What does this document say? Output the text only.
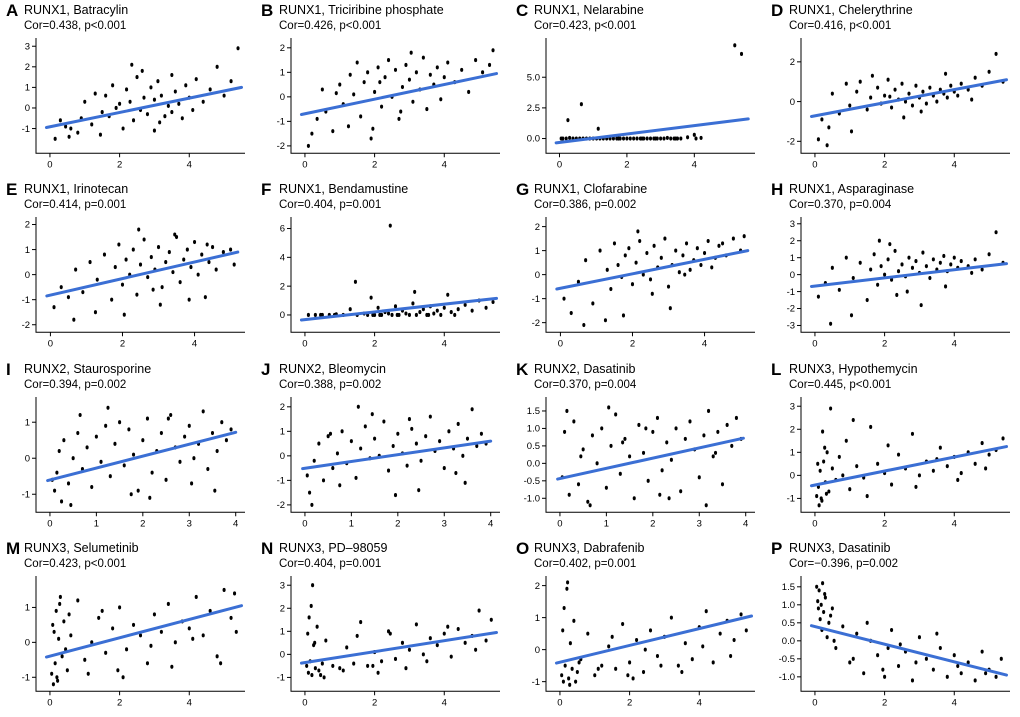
A RUNX1, Batracylin
Cor=0.438, p<0.001
0	2	4
-1
0
1
2
3
B RUNX1, Triciribine phosphate
Cor=0.426, p<0.001
0	2	4
-2
-1
0
1
2
C RUNX1, Nelarabine
Cor=0.423, p<0.001
0	2	4
0.0
2.5
5.0
D RUNX1, Chelerythrine
Cor=0.416, p<0.001
0	2	4
-2
0
2
E RUNX1, Irinotecan
Cor=0.414, p=0.001
0	2	4
-2
-1
0
1
2
F RUNX1, Bendamustine
Cor=0.404, p=0.001
0	2	4
0
2
4
6
G RUNX1, Clofarabine
Cor=0.386, p=0.002
0	2	4
-2
-1
0
1
2
H RUNX1, Asparaginase
Cor=0.370, p=0.004
0	2	4
-3
-2
-1
0
1
2
3
I RUNX2, Staurosporine
Cor=0.394, p=0.002
0	1	2	3	4
-1
0
1
J RUNX2, Bleomycin
Cor=0.388, p=0.002
0	1	2	3	4
-2
-1
0
1
2
K RUNX2, Dasatinib
Cor=0.370, p=0.004
0	1	2	3	4
-1.0
-0.5
0.0
0.5
1.0
1.5
L RUNX3, Hypothemycin
Cor=0.445, p<0.001
0	2	4
-1
0
1
2
3
M RUNX3, Selumetinib
Cor=0.423, p<0.001
0	2	4
-1
0
1
N RUNX3, PD‒98059
Cor=0.404, p=0.001
0	2	4
-1
0
1
2
3
O RUNX3, Dabrafenib
Cor=0.402, p=0.001
0	2	4
-1
0
1
2
P RUNX3, Dasatinib
Cor=−0.396, p=0.002
0	2	4
-1.0
-0.5
0.0
0.5
1.0
1.5
